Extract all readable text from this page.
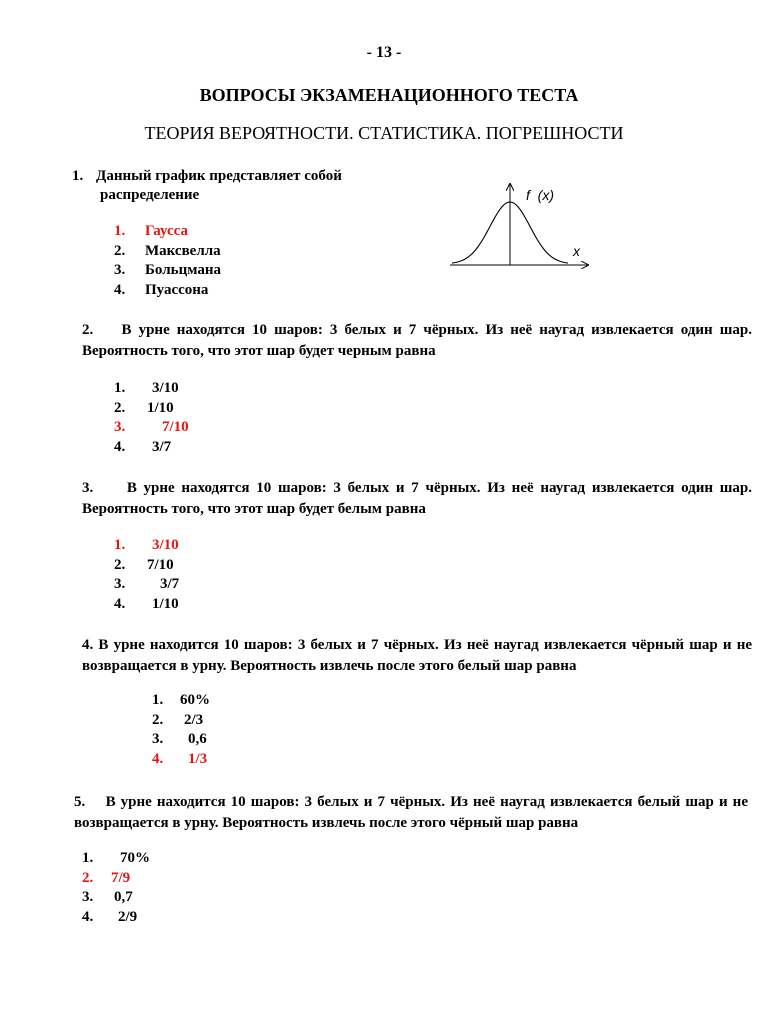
- 13 -
ВОПРОСЫ ЭКЗАМЕНАЦИОННОГО ТЕСТА
ТЕОРИЯ ВЕРОЯТНОСТИ. СТАТИСТИКА. ПОГРЕШНОСТИ
1. Данный график представляет собой
распределение
1. Гаусса
2. Максвелла
3. Больцмана
4. Пуассона
f  (x)
x
2. В урне находятся 10 шаров: 3 белых и 7 чёрных. Из неё наугад извлекается один шар. Вероятность того, что этот шар будет черным равна
1. 3/10
2. 1/10
3. 7/10
4. 3/7
3. В урне находятся 10 шаров: 3 белых и 7 чёрных. Из неё наугад извлекается один шар. Вероятность того, что этот шар будет белым равна
1. 3/10
2. 7/10
3. 3/7
4. 1/10
4. В урне находится 10 шаров: 3 белых и 7 чёрных. Из неё наугад извлекается чёрный шар и не возвращается в урну. Вероятность извлечь после этого белый шар равна
1. 60%
2. 2/3
3. 0,6
4. 1/3
5. В урне находится 10 шаров: 3 белых и 7 чёрных. Из неё наугад извлекается белый шар и не возвращается в урну. Вероятность извлечь после этого чёрный шар равна
1. 70%
2. 7/9
3. 0,7
4. 2/9
